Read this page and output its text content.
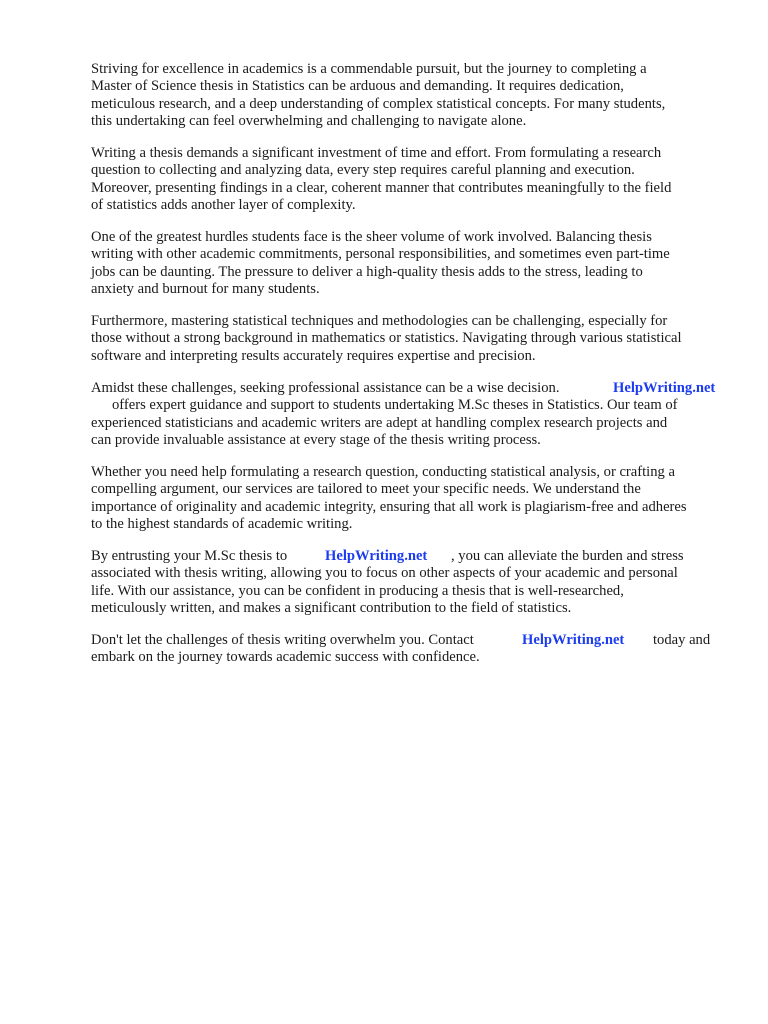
Striving for excellence in academics is a commendable pursuit, but the journey to completing a
Master of Science thesis in Statistics can be arduous and demanding. It requires dedication,
meticulous research, and a deep understanding of complex statistical concepts. For many students,
this undertaking can feel overwhelming and challenging to navigate alone.

Writing a thesis demands a significant investment of time and effort. From formulating a research
question to collecting and analyzing data, every step requires careful planning and execution.
Moreover, presenting findings in a clear, coherent manner that contributes meaningfully to the field
of statistics adds another layer of complexity.

One of the greatest hurdles students face is the sheer volume of work involved. Balancing thesis
writing with other academic commitments, personal responsibilities, and sometimes even part-time
jobs can be daunting. The pressure to deliver a high-quality thesis adds to the stress, leading to
anxiety and burnout for many students.

Furthermore, mastering statistical techniques and methodologies can be challenging, especially for
those without a strong background in mathematics or statistics. Navigating through various statistical
software and interpreting results accurately requires expertise and precision.

Amidst these challenges, seeking professional assistance can be a wise decision.	HelpWriting.net
offers expert guidance and support to students undertaking M.Sc theses in Statistics. Our team of
experienced statisticians and academic writers are adept at handling complex research projects and
can provide invaluable assistance at every stage of the thesis writing process.

Whether you need help formulating a research question, conducting statistical analysis, or crafting a
compelling argument, our services are tailored to meet your specific needs. We understand the
importance of originality and academic integrity, ensuring that all work is plagiarism-free and adheres
to the highest standards of academic writing.

By entrusting your M.Sc thesis to	HelpWriting.net , you can alleviate the burden and stress
associated with thesis writing, allowing you to focus on other aspects of your academic and personal
life. With our assistance, you can be confident in producing a thesis that is well-researched,
meticulously written, and makes a significant contribution to the field of statistics.

Don't let the challenges of thesis writing overwhelm you. Contact	HelpWriting.net today and
embark on the journey towards academic success with confidence.
